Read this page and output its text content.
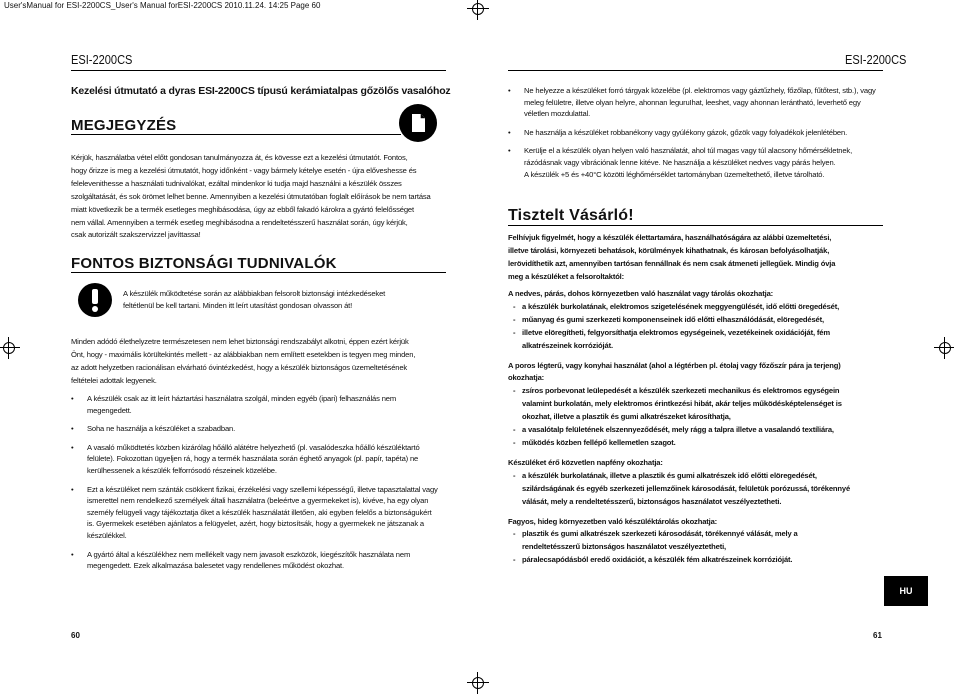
User'sManual for ESI-2200CS_User's Manual forESI-2200CS 2010.11.24. 14:25 Page 60
ESI-2200CS
Kezelési útmutató a dyras ESI-2200CS típusú kerámiatalpas gőzölős vasalóhoz
MEGJEGYZÉS

Kérjük, használatba vétel előtt gondosan tanulmányozza át, és kövesse ezt a kezelési útmutatót. Fontos,

hogy őrizze is meg a kezelési útmutatót, hogy időnként - vagy bármely kételye esetén - újra előveshesse és

felelevenithesse a használati tudnivalókat, ezáltal mindenkor ki tudja majd használni a készülék összes

szolgáltatását, és sok örömet lelhet benne. Amennyiben a kezelési útmutatóban foglalt előírások be nem tartása

miatt következik be a termék esetleges meghibásodása, úgy az ebből fakadó károkra a gyártó felelősséget

nem vállal. Amennyiben a termék esetleg meghibásodna a rendeltetésszerű használat során, úgy kérjük,

csak autorizált szakszervizzel javíttassa!

FONTOS BIZTONSÁGI TUDNIVALÓK

A készülék működtetése során az alábbiakban felsorolt biztonsági intézkedéseket

feltétlenül be kell tartani. Minden itt leírt utasítást gondosan olvasson át!

Minden adódó élethelyzetre természetesen nem lehet biztonsági rendszabályt alkotni, éppen ezért kérjük

Önt, hogy - maximális körültekintés mellett - az alábbiakban nem említett esetekben is tegyen meg minden,

az adott helyzetben racionálisan elvárható óvintézkedést, hogy a készülék biztonságos üzemeltetésének

feltételei adottak legyenek.

• A készülék csak az itt leírt háztartási használatra szolgál, minden egyéb (ipari) felhasználás nem
megengedett.
• Soha ne használja a készüléket a szabadban.
• A vasaló működtetés közben kizárólag hőálló alátétre helyezhető (pl. vasalódeszka hőálló készüléktartó
felülete). Fokozottan ügyeljen rá, hogy a termék használata során éghető anyagok (pl. papír, tapéta) ne
kerülhessenek a készülék felforrósodó részeinek közelébe.
• Ezt a készüléket nem szánták csökkent fizikai, érzékelési vagy szellemi képességű, illetve tapasztalattal vagy
ismerettel nem rendelkező személyek általi használatra (beleértve a gyermekeket is), kivéve, ha egy olyan
személy felügyeli vagy tájékoztatja őket a készülék használatát illetően, aki egyben felelős a biztonságukért
is. Gyermekek esetében ajánlatos a felügyelet, azért, hogy biztosítsák, hogy a gyermekek ne játszanak a
készülékkel.
• A gyártó által a készülékhez nem mellékelt vagy nem javasolt eszközök, kiegészítők használata nem
megengedett. Ezek alkalmazása balesetet vagy rendellenes működést okozhat.
60
ESI-2200CS
• Ne helyezze a készüléket forró tárgyak közelébe (pl. elektromos vagy gáztűzhely, főzőlap, fűtőtest, stb.), vagy
meleg felületre, illetve olyan helyre, ahonnan leguruIhat, leeshet, vagy ahonnan lerántható, leverhető egy
véletlen mozdulattal.
• Ne használja a készüléket robbanékony vagy gyúlékony gázok, gőzök vagy folyadékok jelenlétében.
• Kerülje el a készülék olyan helyen való használatát, ahol túl magas vagy túl alacsony hőmérsékletnek,
rázódásnak vagy vibrációnak lenne kitéve. Ne használja a készüléket nedves vagy párás helyen.
A készülék +5 és +40°C közötti léghőmérséklet tartományban üzemeltethető, illetve tárolható.
Tisztelt Vásárló!
Felhívjuk figyelmét, hogy a készülék élettartamára, használhatóságára az alábbi üzemeltetési,
illetve tárolási, környezeti behatások, körülmények kihathatnak, és károsan befolyásolhatják,
lerövidíthetik azt, amennyiben tartósan fennállnak és nem csak átmeneti jellegűek. Mindig óvja
meg a készüléket a felsoroltaktól:
A nedves, párás, dohos környezetben való használat vagy tárolás okozhatja:
- a készülék burkolatának, elektromos szigetelésének meggyengülését, idő előtti öregedését,
- műanyag és gumi szerkezeti komponenseinek idő előtti elhasználódását, elöregedését,
- illetve elöregítheti, felgyorsíthatja elektromos egységeinek, vezetékeinek oxidációját, fém
alkatrészeinek korrózióját.
A poros légterű, vagy konyhai használat (ahol a légtérben pl. étolaj vagy főzőszír pára ja terjeng)
okozhatja:
- zsíros porbevonat leülepedését a készülék szerkezeti mechanikus és elektromos egységein
valamint burkolatán, mely elektromos érintkezési hibát, akár teljes működésképtelenséget is
okozhat, illetve a plasztik és gumi alkatrészeket károsíthatja,
- a vasalótalp felületének elszennyeződését, mely rágg a talpra illetve a vasalandó textíliára,
- működés közben fellépő kellemetlen szagot.
Készüléket érő közvetlen napfény okozhatja:
- a készülék burkolatának, illetve a plasztik és gumi alkatrészek idő előtti elöregedését,
szilárdságának és egyéb szerkezeti jellemzőinek károsodását, felületük porózussá, törékennyé
válását, mely a rendeltetésszerű, biztonságos használatot veszélyeztetheti.
Fagyos, hideg környezetben való készüléktárolás okozhatja:
- plasztik és gumi alkatrészek szerkezeti károsodását, törékennyé válását, mely a
rendeltetésszerű biztonságos használatot veszélyeztetheti,
- páralecsapódásból eredő oxidációt, a készülék fém alkatrészeinek korrózióját.
HU
61
